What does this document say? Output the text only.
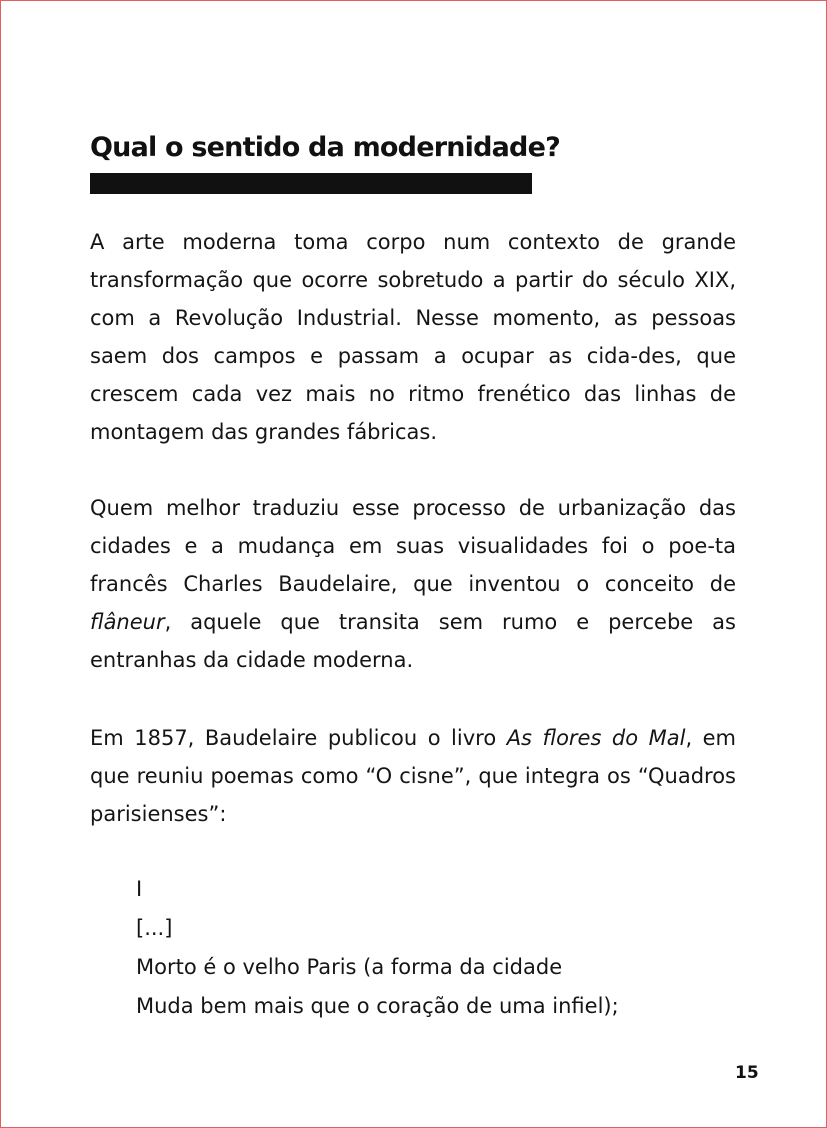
Qual o sentido da modernidade?

A arte moderna toma corpo num contexto de grande transformação que ocorre sobretudo a partir do século XIX, com a Revolução Industrial. Nesse momento, as pessoas saem dos campos e passam a ocupar as cida-des, que crescem cada vez mais no ritmo frenético das linhas de montagem das grandes fábricas.

Quem melhor traduziu esse processo de urbanização das cidades e a mudança em suas visualidades foi o poe-ta francês Charles Baudelaire, que inventou o conceito de flâneur, aquele que transita sem rumo e percebe as entranhas da cidade moderna.

Em 1857, Baudelaire publicou o livro As flores do Mal, em que reuniu poemas como “O cisne”, que integra os “Quadros parisienses”:

I
[...]
Morto é o velho Paris (a forma da cidade
Muda bem mais que o coração de uma infiel);
15
